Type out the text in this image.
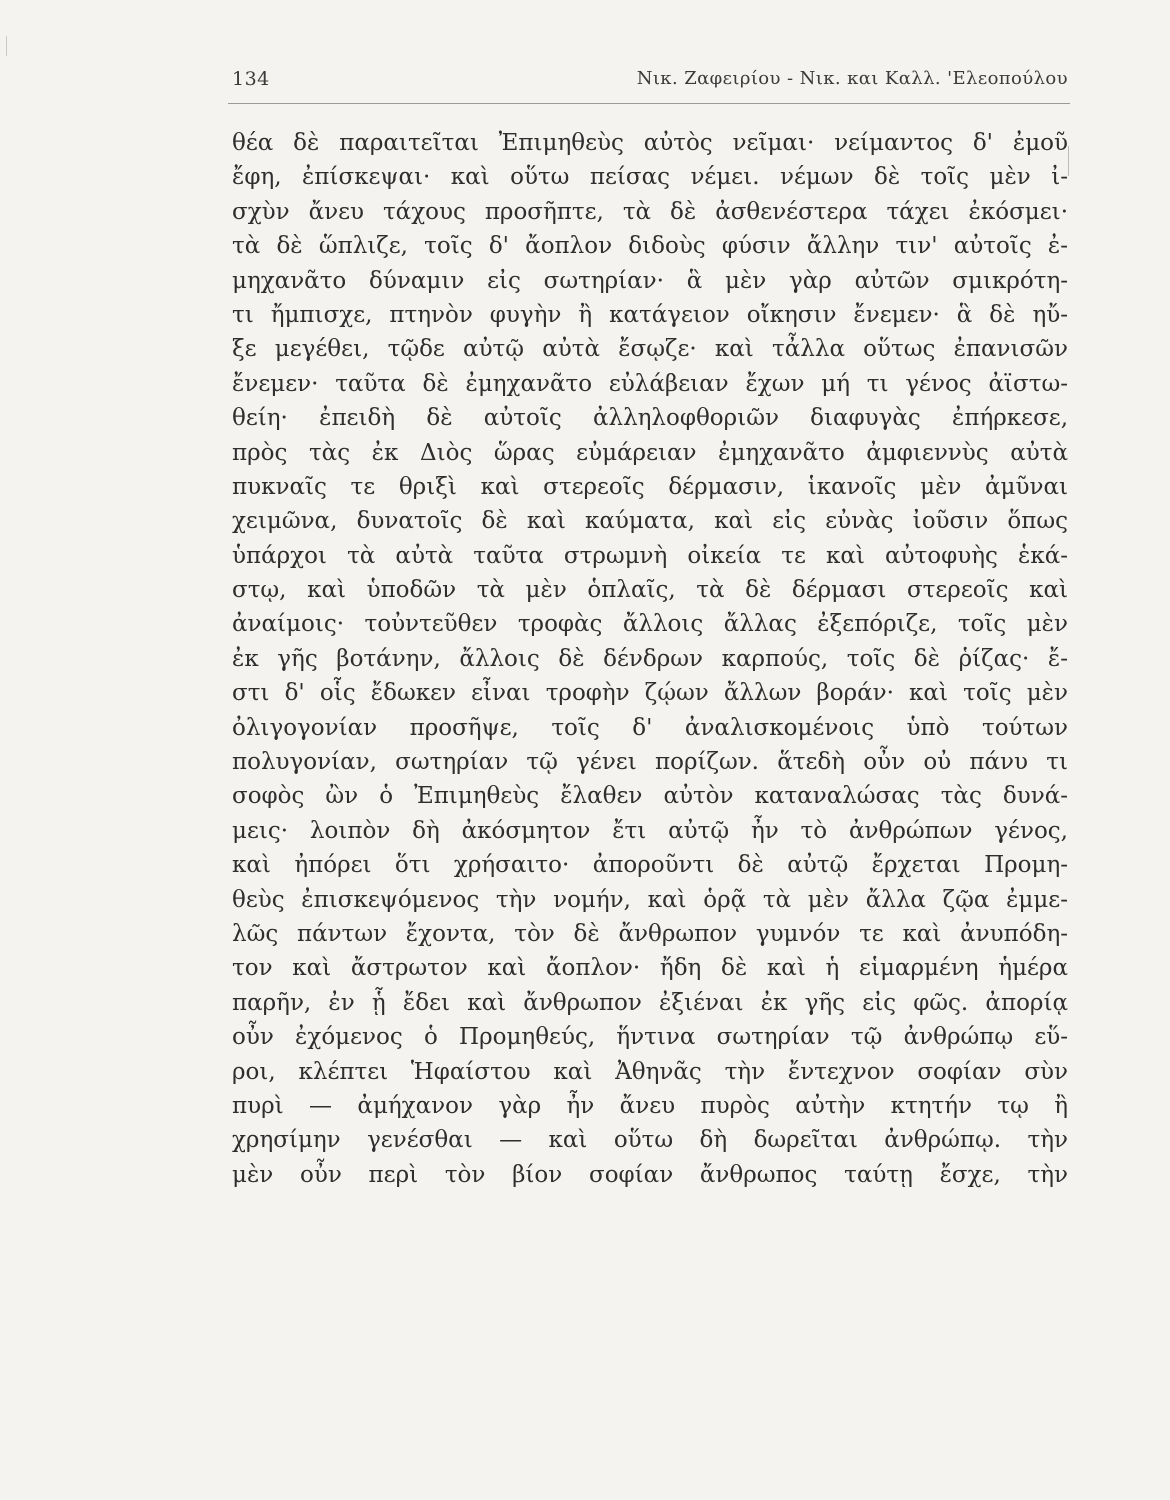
134	Νικ. Ζαφειρίου - Νικ. και Καλλ. 'Ελεοπούλου
θέα δὲ παραιτεῖται Ἐπιμηθεὺς αὐτὸς νεῖμαι· νείμαντος δ' ἐμοῦ
ἔφη, ἐπίσκεψαι· καὶ οὕτω πείσας νέμει. νέμων δὲ τοῖς μὲν ἰ-
σχὺν ἄνευ τάχους προσῆπτε, τὰ δὲ ἀσθενέστερα τάχει ἐκόσμει·
τὰ δὲ ὥπλιζε, τοῖς δ' ἄοπλον διδοὺς φύσιν ἄλλην τιν' αὐτοῖς ἐ-
μηχανᾶτο δύναμιν εἰς σωτηρίαν· ἃ μὲν γὰρ αὐτῶν σμικρότη-
τι ἤμπισχε, πτηνὸν φυγὴν ἢ κατάγειον οἴκησιν ἔνεμεν· ἃ δὲ ηὔ-
ξε μεγέθει, τῷδε αὐτῷ αὐτὰ ἔσῳζε· καὶ τἆλλα οὕτως ἐπανισῶν
ἔνεμεν· ταῦτα δὲ ἐμηχανᾶτο εὐλάβειαν ἔχων μή τι γένος ἀϊστω-
θείη· ἐπειδὴ δὲ αὐτοῖς ἀλληλοφθοριῶν διαφυγὰς ἐπήρκεσε,
πρὸς τὰς ἐκ Διὸς ὥρας εὐμάρειαν ἐμηχανᾶτο ἀμφιεννὺς αὐτὰ
πυκναῖς τε θριξὶ καὶ στερεοῖς δέρμασιν, ἱκανοῖς μὲν ἀμῦναι
χειμῶνα, δυνατοῖς δὲ καὶ καύματα, καὶ εἰς εὐνὰς ἰοῦσιν ὅπως
ὑπάρχοι τὰ αὐτὰ ταῦτα στρωμνὴ οἰκεία τε καὶ αὐτοφυὴς ἑκά-
στῳ, καὶ ὑποδῶν τὰ μὲν ὁπλαῖς, τὰ δὲ δέρμασι στερεοῖς καὶ
ἀναίμοις· τοὐντεῦθεν τροφὰς ἄλλοις ἄλλας ἐξεπόριζε, τοῖς μὲν
ἐκ γῆς βοτάνην, ἄλλοις δὲ δένδρων καρπούς, τοῖς δὲ ῥίζας· ἔ-
στι δ' οἷς ἔδωκεν εἶναι τροφὴν ζῴων ἄλλων βοράν· καὶ τοῖς μὲν
ὀλιγογονίαν προσῆψε, τοῖς δ' ἀναλισκομένοις ὑπὸ τούτων
πολυγονίαν, σωτηρίαν τῷ γένει πορίζων. ἅτεδὴ οὖν οὐ πάνυ τι
σοφὸς ὢν ὁ Ἐπιμηθεὺς ἔλαθεν αὐτὸν καταναλώσας τὰς δυνά-
μεις· λοιπὸν δὴ ἀκόσμητον ἔτι αὐτῷ ἦν τὸ ἀνθρώπων γένος,
καὶ ἠπόρει ὅτι χρήσαιτο· ἀποροῦντι δὲ αὐτῷ ἔρχεται Προμη-
θεὺς ἐπισκεψόμενος τὴν νομήν, καὶ ὁρᾷ τὰ μὲν ἄλλα ζῷα ἐμμε-
λῶς πάντων ἔχοντα, τὸν δὲ ἄνθρωπον γυμνόν τε καὶ ἀνυπόδη-
τον καὶ ἄστρωτον καὶ ἄοπλον· ἤδη δὲ καὶ ἡ εἱμαρμένη ἡμέρα
παρῆν, ἐν ᾗ ἔδει καὶ ἄνθρωπον ἐξιέναι ἐκ γῆς εἰς φῶς. ἀπορίᾳ
οὖν ἐχόμενος ὁ Προμηθεύς, ἥντινα σωτηρίαν τῷ ἀνθρώπῳ εὕ-
ροι, κλέπτει Ἡφαίστου καὶ Ἀθηνᾶς τὴν ἔντεχνον σοφίαν σὺν
πυρὶ — ἀμήχανον γὰρ ἦν ἄνευ πυρὸς αὐτὴν κτητήν τῳ ἢ
χρησίμην γενέσθαι — καὶ οὕτω δὴ δωρεῖται ἀνθρώπῳ. τὴν
μὲν οὖν περὶ τὸν βίον σοφίαν ἄνθρωπος ταύτῃ ἔσχε, τὴν
